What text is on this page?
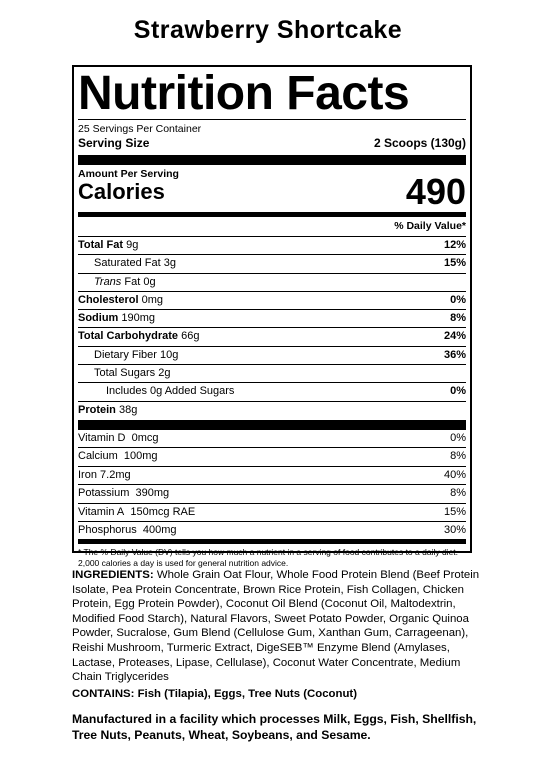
Strawberry Shortcake
Nutrition Facts
25 Servings Per Container
Serving Size	2 Scoops (130g)
Amount Per Serving
Calories	490
% Daily Value*
Total Fat 9g	12%
Saturated Fat 3g	15%
Trans Fat 0g
Cholesterol 0mg	0%
Sodium 190mg	8%
Total Carbohydrate 66g	24%
Dietary Fiber 10g	36%
Total Sugars 2g
Includes 0g Added Sugars	0%
Protein 38g
Vitamin D 0mcg	0%
Calcium 100mg	8%
Iron 7.2mg	40%
Potassium 390mg	8%
Vitamin A 150mcg RAE	15%
Phosphorus 400mg	30%
* The % Daily Value (DV) tells you how much a nutrient in a serving of food contributes to a daily diet. 2,000 calories a day is used for general nutrition advice.
INGREDIENTS: Whole Grain Oat Flour, Whole Food Protein Blend (Beef Protein Isolate, Pea Protein Concentrate, Brown Rice Protein, Fish Collagen, Chicken Protein, Egg Protein Powder), Coconut Oil Blend (Coconut Oil, Maltodextrin, Modified Food Starch), Natural Flavors, Sweet Potato Powder, Organic Quinoa Powder, Sucralose, Gum Blend (Cellulose Gum, Xanthan Gum, Carrageenan), Reishi Mushroom, Turmeric Extract, DigeSEB™ Enzyme Blend (Amylases, Lactase, Proteases, Lipase, Cellulase), Coconut Water Concentrate, Medium Chain Triglycerides
CONTAINS: Fish (Tilapia), Eggs, Tree Nuts (Coconut)
Manufactured in a facility which processes Milk, Eggs, Fish, Shellfish, Tree Nuts, Peanuts, Wheat, Soybeans, and Sesame.
